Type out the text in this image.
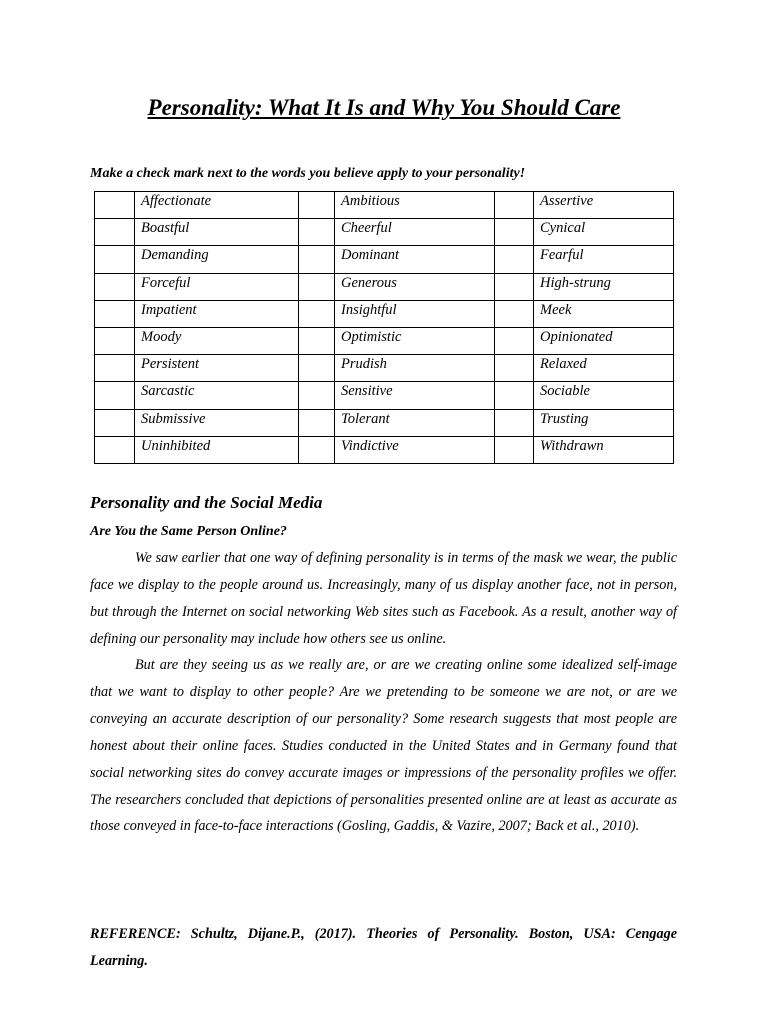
Personality: What It Is and Why You Should Care
Make a check mark next to the words you believe apply to your personality!
	Affectionate		Ambitious		Assertive
	Boastful		Cheerful		Cynical
	Demanding		Dominant		Fearful
	Forceful		Generous		High-strung
	Impatient		Insightful		Meek
	Moody		Optimistic		Opinionated
	Persistent		Prudish		Relaxed
	Sarcastic		Sensitive		Sociable
	Submissive		Tolerant		Trusting
	Uninhibited		Vindictive		Withdrawn
Personality and the Social Media
Are You the Same Person Online?

We saw earlier that one way of defining personality is in terms of the mask we wear, the public face we display to the people around us. Increasingly, many of us display another face, not in person, but through the Internet on social networking Web sites such as Facebook. As a result, another way of defining our personality may include how others see us online.

But are they seeing us as we really are, or are we creating online some idealized self-image that we want to display to other people? Are we pretending to be someone we are not, or are we conveying an accurate description of our personality? Some research suggests that most people are honest about their online faces. Studies conducted in the United States and in Germany found that social networking sites do convey accurate images or impressions of the personality profiles we offer. The researchers concluded that depictions of personalities presented online are at least as accurate as those conveyed in face-to-face interactions (Gosling, Gaddis, & Vazire, 2007; Back et al., 2010).

REFERENCE: Schultz, Dijane.P., (2017). Theories of Personality. Boston, USA: Cengage Learning.
